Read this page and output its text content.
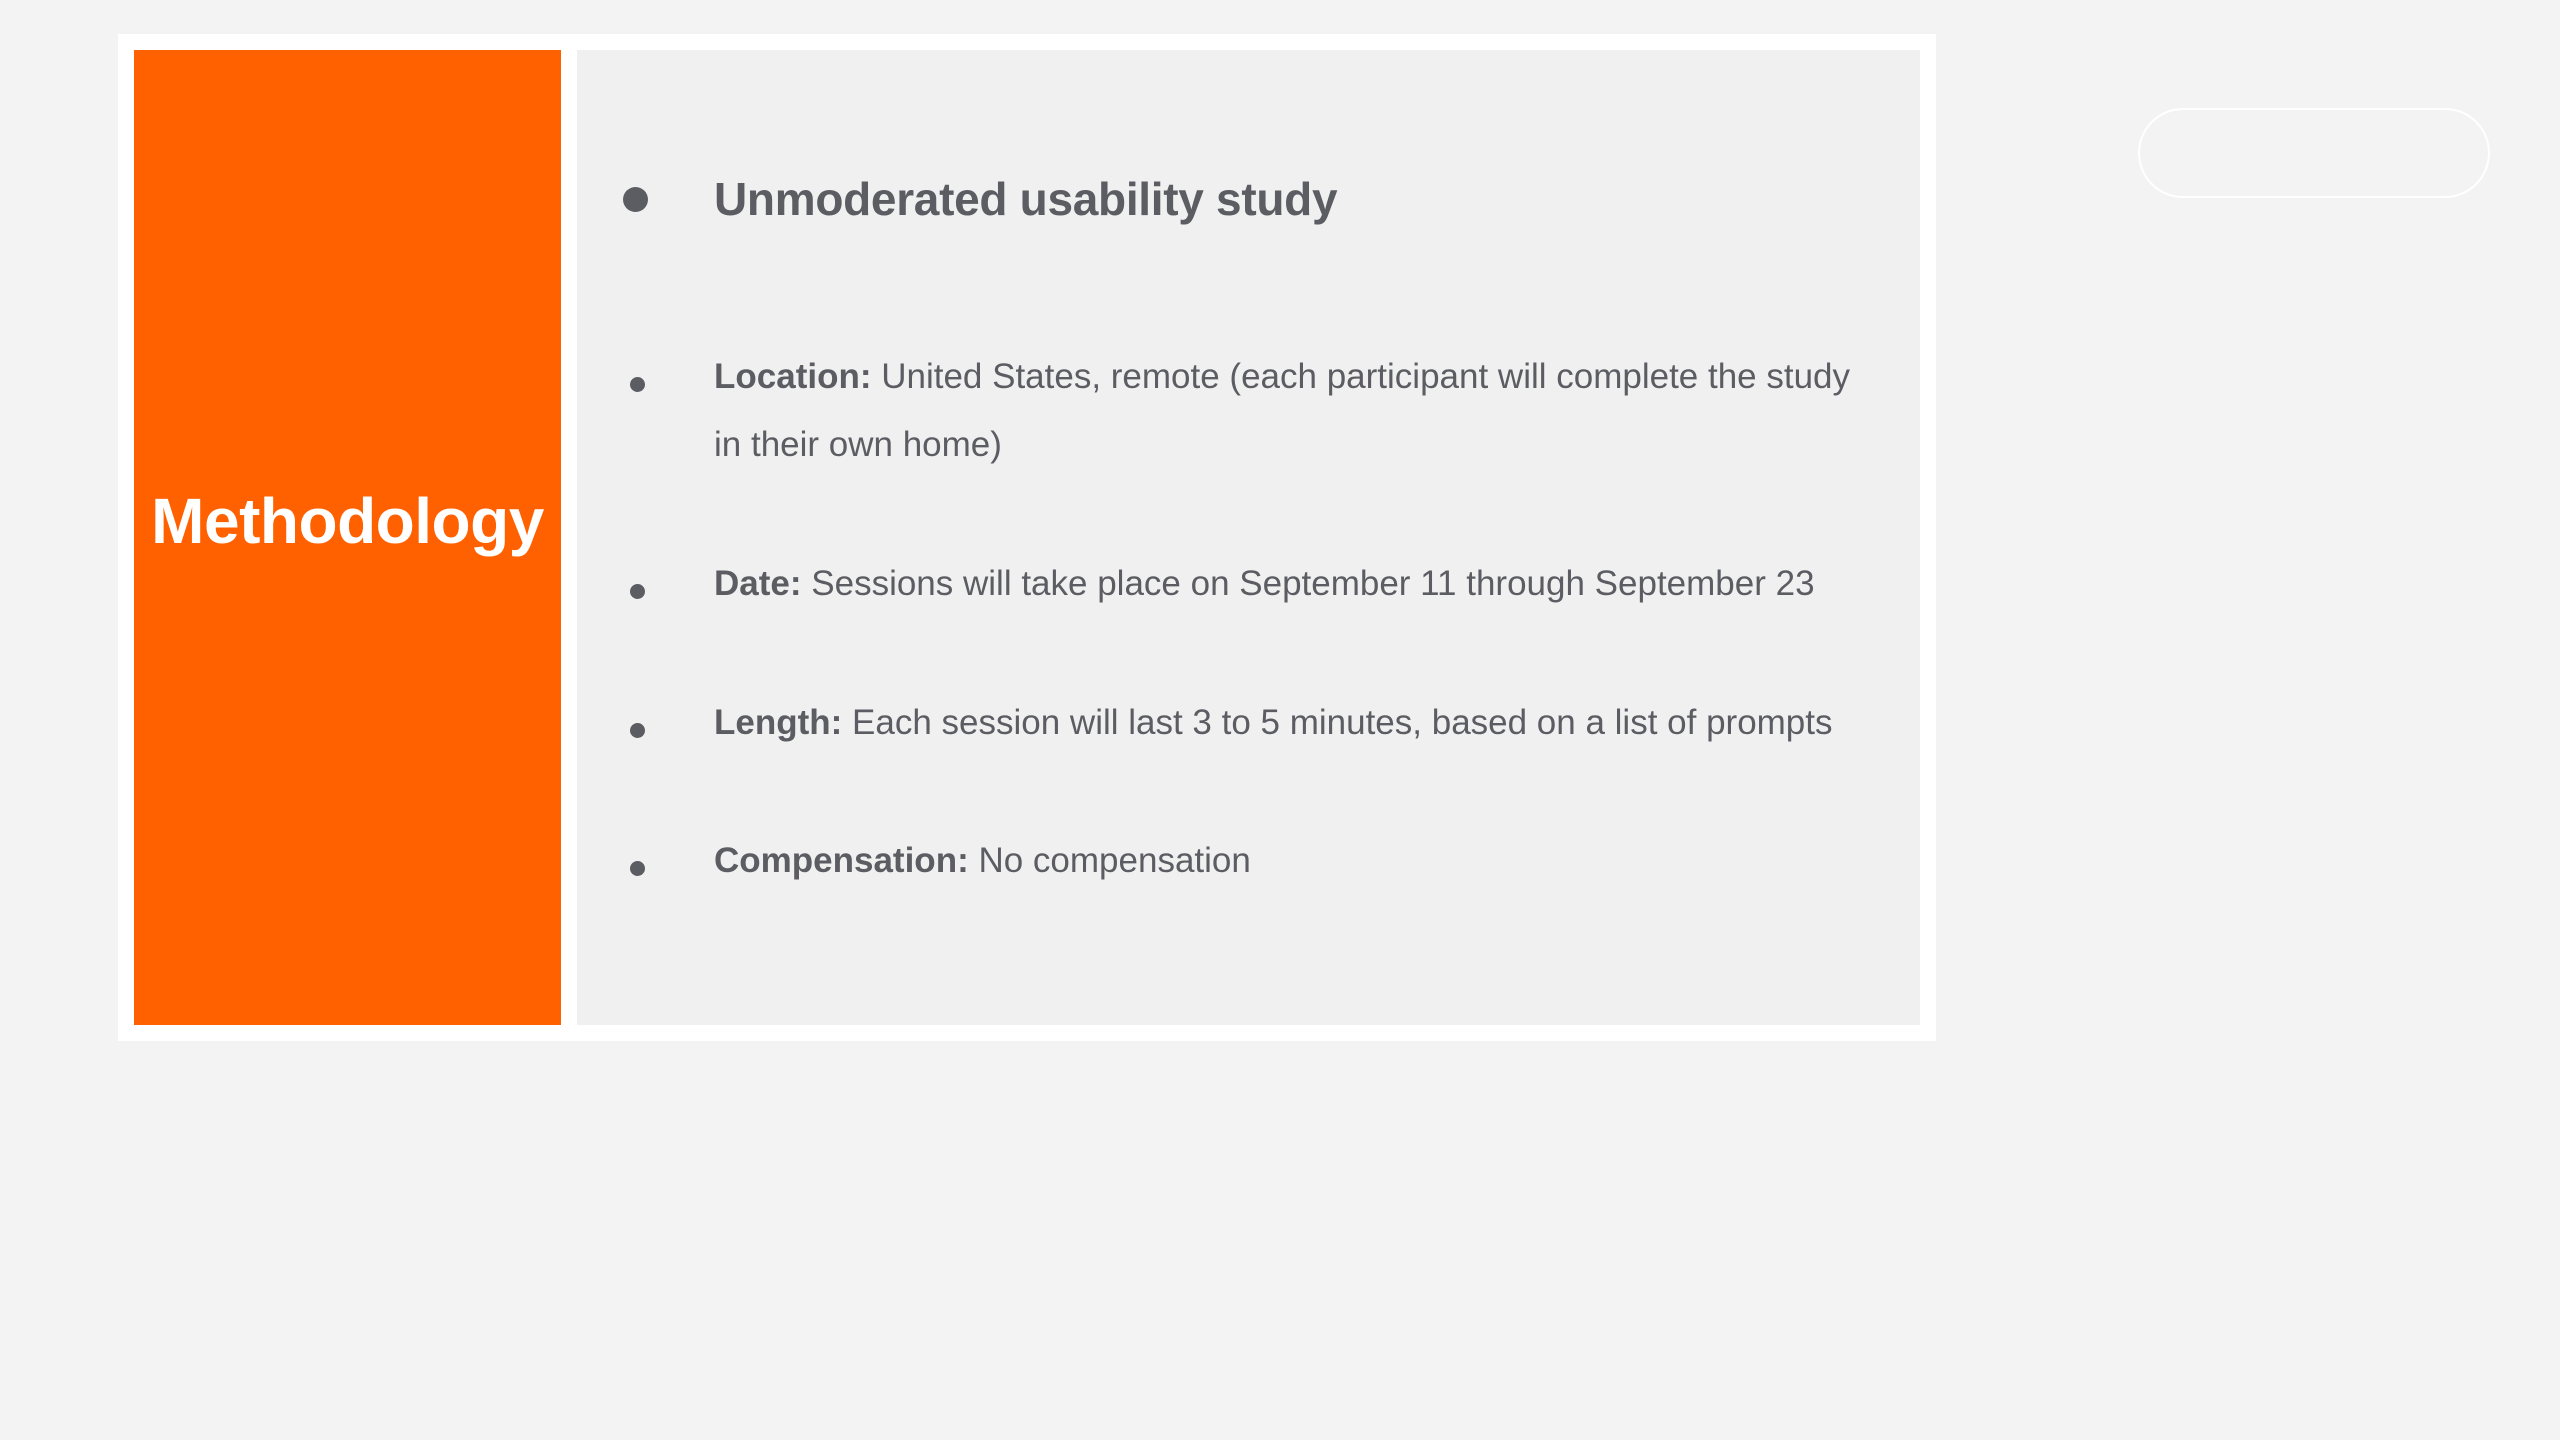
Methodology
Unmoderated usability study
Location: United States, remote (each participant will complete the study in their own home)
Date: Sessions will take place on September 11 through September 23
Length: Each session will last 3 to 5 minutes, based on a list of prompts
Compensation: No compensation
